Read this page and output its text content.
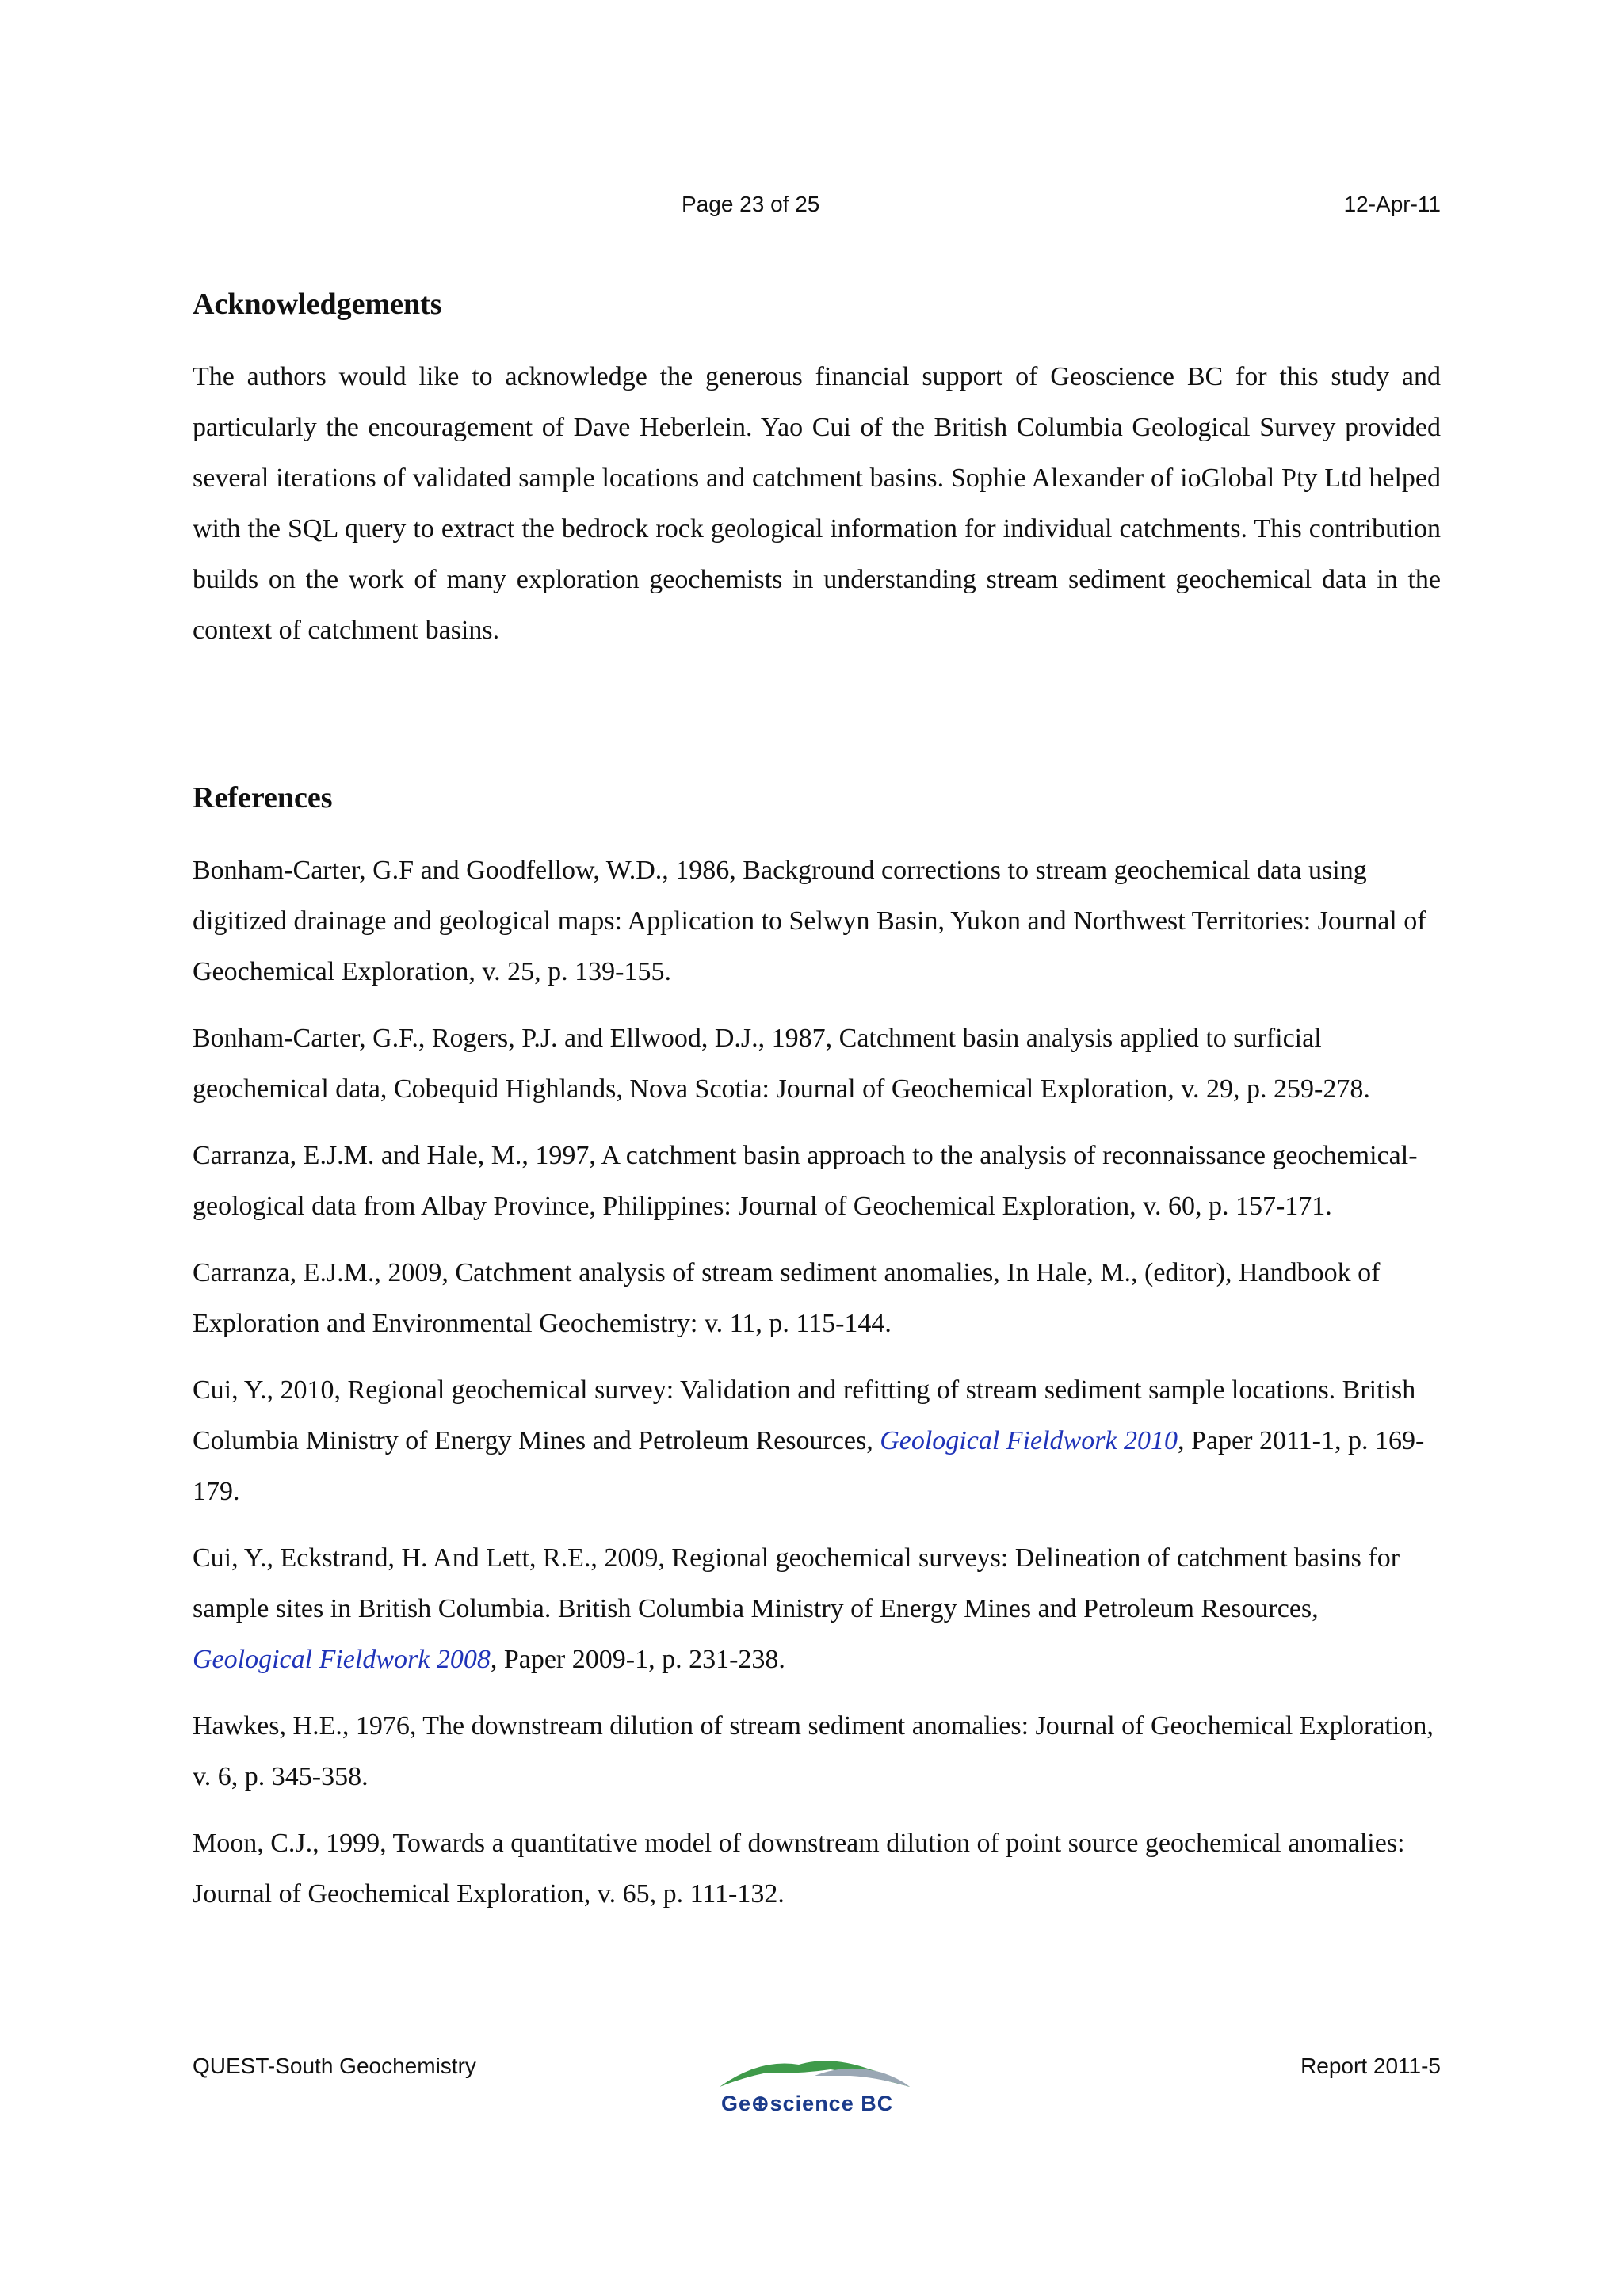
Page 23 of 25	12-Apr-11
Acknowledgements

The authors would like to acknowledge the generous financial support of Geoscience BC for this study and particularly the encouragement of Dave Heberlein. Yao Cui of the British Columbia Geological Survey provided several iterations of validated sample locations and catchment basins. Sophie Alexander of ioGlobal Pty Ltd helped with the SQL query to extract the bedrock rock geological information for individual catchments. This contribution builds on the work of many exploration geochemists in understanding stream sediment geochemical data in the context of catchment basins.

References

Bonham-Carter, G.F and Goodfellow, W.D., 1986, Background corrections to stream geochemical data using digitized drainage and geological maps: Application to Selwyn Basin, Yukon and Northwest Territories: Journal of Geochemical Exploration, v. 25, p. 139-155.

Bonham-Carter, G.F., Rogers, P.J. and Ellwood, D.J., 1987, Catchment basin analysis applied to surficial geochemical data, Cobequid Highlands, Nova Scotia: Journal of Geochemical Exploration, v. 29, p. 259-278.

Carranza, E.J.M. and Hale, M., 1997, A catchment basin approach to the analysis of reconnaissance geochemical-geological data from Albay Province, Philippines: Journal of Geochemical Exploration, v. 60, p. 157-171.

Carranza, E.J.M., 2009, Catchment analysis of stream sediment anomalies, In Hale, M., (editor), Handbook of Exploration and Environmental Geochemistry: v. 11, p. 115-144.

Cui, Y., 2010, Regional geochemical survey: Validation and refitting of stream sediment sample locations. British Columbia Ministry of Energy Mines and Petroleum Resources, Geological Fieldwork 2010, Paper 2011-1, p. 169-179.

Cui, Y., Eckstrand, H. And Lett, R.E., 2009, Regional geochemical surveys: Delineation of catchment basins for sample sites in British Columbia. British Columbia Ministry of Energy Mines and Petroleum Resources, Geological Fieldwork 2008, Paper 2009-1, p. 231-238.

Hawkes, H.E., 1976, The downstream dilution of stream sediment anomalies: Journal of Geochemical Exploration, v. 6, p. 345-358.

Moon, C.J., 1999, Towards a quantitative model of downstream dilution of point source geochemical anomalies: Journal of Geochemical Exploration, v. 65, p. 111-132.

QUEST-South Geochemistry	Report 2011-5
Ge⊕science BC
